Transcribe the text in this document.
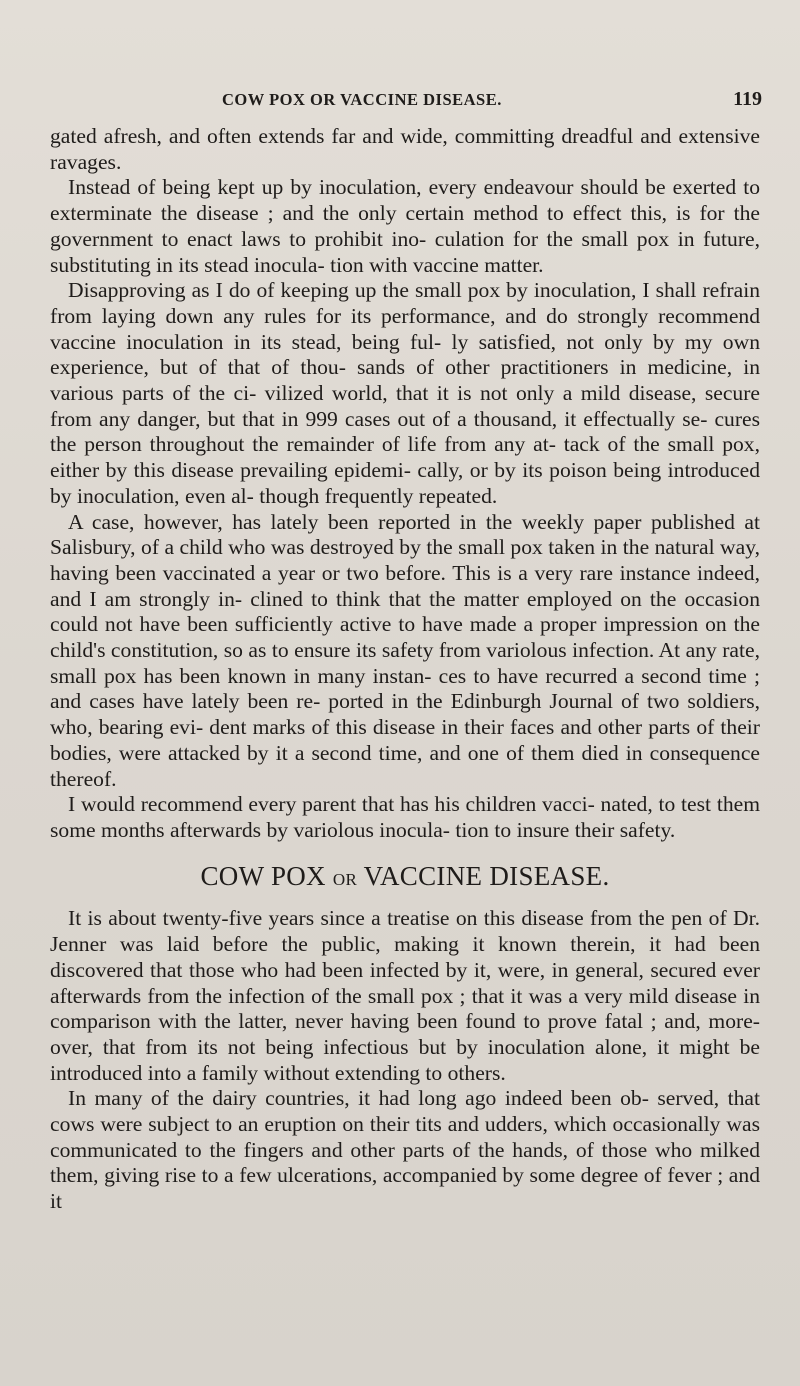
COW POX OR VACCINE DISEASE.	119

gated afresh, and often extends far and wide, committing dreadful and extensive ravages.

Instead of being kept up by inoculation, every endeavour should be exerted to exterminate the disease ; and the only certain method to effect this, is for the government to enact laws to prohibit ino- culation for the small pox in future, substituting in its stead inocula- tion with vaccine matter.

Disapproving as I do of keeping up the small pox by inoculation, I shall refrain from laying down any rules for its performance, and do strongly recommend vaccine inoculation in its stead, being ful- ly satisfied, not only by my own experience, but of that of thou- sands of other practitioners in medicine, in various parts of the ci- vilized world, that it is not only a mild disease, secure from any danger, but that in 999 cases out of a thousand, it effectually se- cures the person throughout the remainder of life from any at- tack of the small pox, either by this disease prevailing epidemi- cally, or by its poison being introduced by inoculation, even al- though frequently repeated.

A case, however, has lately been reported in the weekly paper published at Salisbury, of a child who was destroyed by the small pox taken in the natural way, having been vaccinated a year or two before. This is a very rare instance indeed, and I am strongly in- clined to think that the matter employed on the occasion could not have been sufficiently active to have made a proper impression on the child's constitution, so as to ensure its safety from variolous infection. At any rate, small pox has been known in many instan- ces to have recurred a second time ; and cases have lately been re- ported in the Edinburgh Journal of two soldiers, who, bearing evi- dent marks of this disease in their faces and other parts of their bodies, were attacked by it a second time, and one of them died in consequence thereof.

I would recommend every parent that has his children vacci- nated, to test them some months afterwards by variolous inocula- tion to insure their safety.

COW POX OR VACCINE DISEASE.

It is about twenty-five years since a treatise on this disease from the pen of Dr. Jenner was laid before the public, making it known therein, it had been discovered that those who had been infected by it, were, in general, secured ever afterwards from the infection of the small pox ; that it was a very mild disease in comparison with the latter, never having been found to prove fatal ; and, more- over, that from its not being infectious but by inoculation alone, it might be introduced into a family without extending to others.

In many of the dairy countries, it had long ago indeed been ob- served, that cows were subject to an eruption on their tits and udders, which occasionally was communicated to the fingers and other parts of the hands, of those who milked them, giving rise to a few ulcerations, accompanied by some degree of fever ; and it
